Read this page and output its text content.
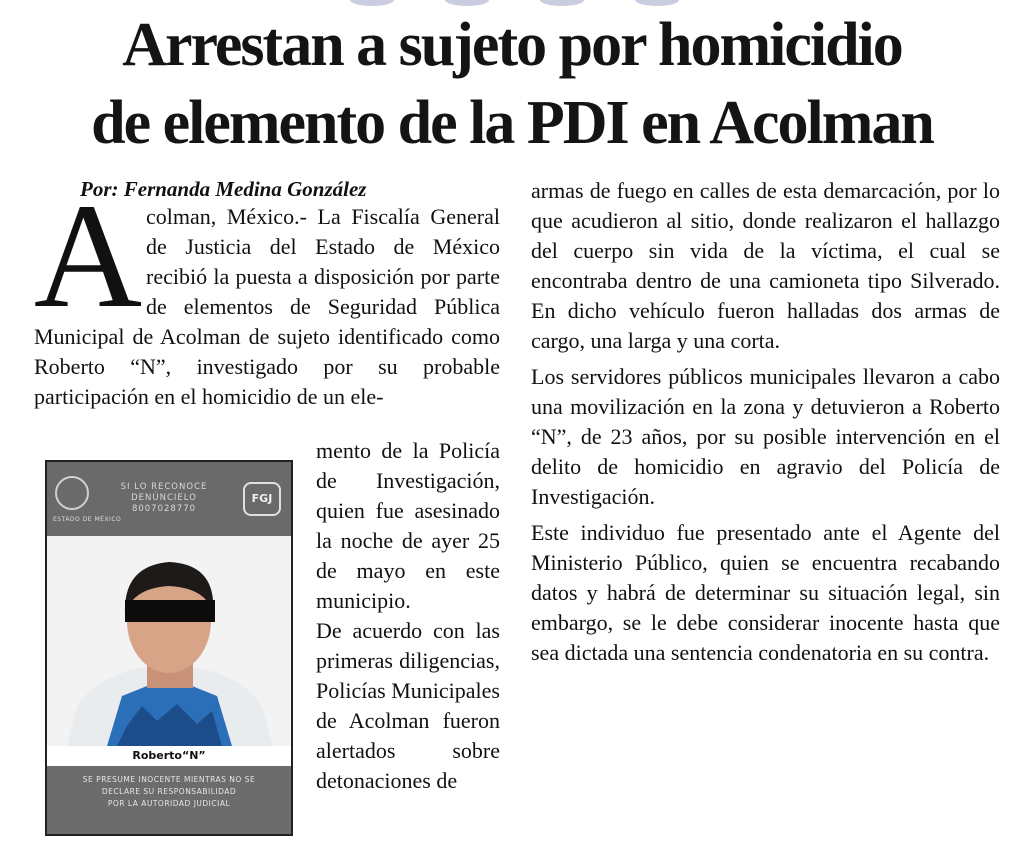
Arrestan a sujeto por homicidio
de elemento de la PDI en Acolman
Por: Fernanda Medina González
A colman, México.- La Fiscalía General de Justicia del Estado de México recibió la puesta a disposición por parte de elementos de Seguridad Pública Municipal de Acolman de sujeto identificado como Roberto “N”, investigado por su probable participación en el homicidio de un ele-

mento de la Policía de Investigación, quien fue asesinado la noche de ayer 25 de mayo en este municipio.

De acuerdo con las primeras diligencias, Policías Municipales de Acolman fueron alertados sobre detonaciones de

armas de fuego en calles de esta demarcación, por lo que acudieron al sitio, donde realizaron el hallazgo del cuerpo sin vida de la víctima, el cual se encontraba dentro de una camioneta tipo Silverado. En dicho vehículo fueron halladas dos armas de cargo, una larga y una corta.

Los servidores públicos municipales llevaron a cabo una movilización en la zona y detuvieron a Roberto “N”, de 23 años, por su posible intervención en el delito de homicidio en agravio del Policía de Investigación.

Este individuo fue presentado ante el Agente del Ministerio Público, quien se encuentra recabando datos y habrá de determinar su situación legal, sin embargo, se le debe considerar inocente hasta que sea dictada una sentencia condenatoria en su contra.

ESTADO DE MÉXICO
SI LO RECONOCE
DENÚNCIELO
8007028770
FGJ
Roberto“N”
SE PRESUME INOCENTE MIENTRAS NO SE
DECLARE SU RESPONSABILIDAD
POR LA AUTORIDAD JUDICIAL
